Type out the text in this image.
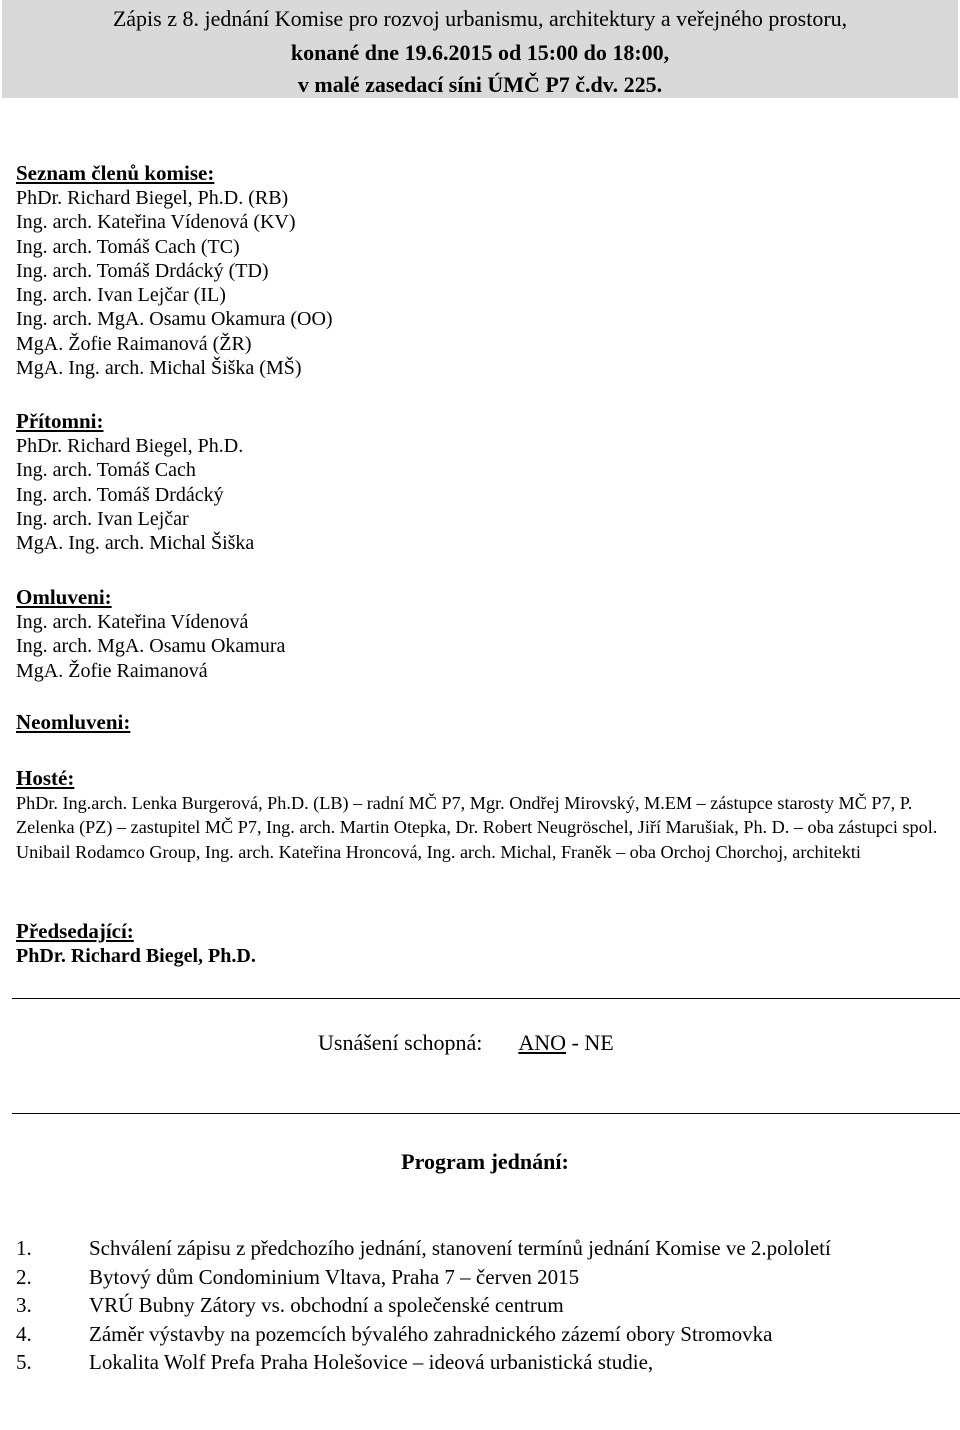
Zápis z 8. jednání Komise pro rozvoj urbanismu, architektury a veřejného prostoru,
konané dne 19.6.2015 od 15:00 do 18:00,
v malé zasedací síni ÚMČ P7 č.dv. 225.
Seznam členů komise:
PhDr. Richard Biegel, Ph.D. (RB)
Ing. arch. Kateřina Vídenová (KV)
Ing. arch. Tomáš Cach (TC)
Ing. arch. Tomáš Drdácký (TD)
Ing. arch. Ivan Lejčar (IL)
Ing. arch. MgA. Osamu Okamura (OO)
MgA. Žofie Raimanová (ŽR)
MgA. Ing. arch. Michal Šiška (MŠ)
Přítomni:
PhDr. Richard Biegel, Ph.D.
Ing. arch. Tomáš Cach
Ing. arch. Tomáš Drdácký
Ing. arch. Ivan Lejčar
MgA. Ing. arch. Michal Šiška
Omluveni:
Ing. arch. Kateřina Vídenová
Ing. arch. MgA. Osamu Okamura
MgA. Žofie Raimanová
Neomluveni:
Hosté:
PhDr. Ing.arch. Lenka Burgerová, Ph.D. (LB) – radní MČ P7, Mgr. Ondřej Mirovský, M.EM – zástupce starosty MČ P7, P. Zelenka (PZ) – zastupitel MČ P7, Ing. arch. Martin Otepka, Dr. Robert Neugröschel, Jiří Marušiak, Ph. D. – oba zástupci spol. Unibail Rodamco Group, Ing. arch. Kateřina Hroncová, Ing. arch. Michal, Franěk – oba Orchoj Chorchoj, architekti
Předsedající:
PhDr. Richard Biegel, Ph.D.
Usnášení schopná: ANO - NE
Program jednání:
1.	Schválení zápisu z předchozího jednání, stanovení termínů jednání Komise ve 2.pololetí
2.	Bytový dům Condominium Vltava, Praha 7 – červen 2015
3.	VRÚ Bubny Zátory vs. obchodní a společenské centrum
4.	Záměr výstavby na pozemcích bývalého zahradnického zázemí obory Stromovka
5.	Lokalita Wolf Prefa Praha Holešovice – ideová urbanistická studie,
